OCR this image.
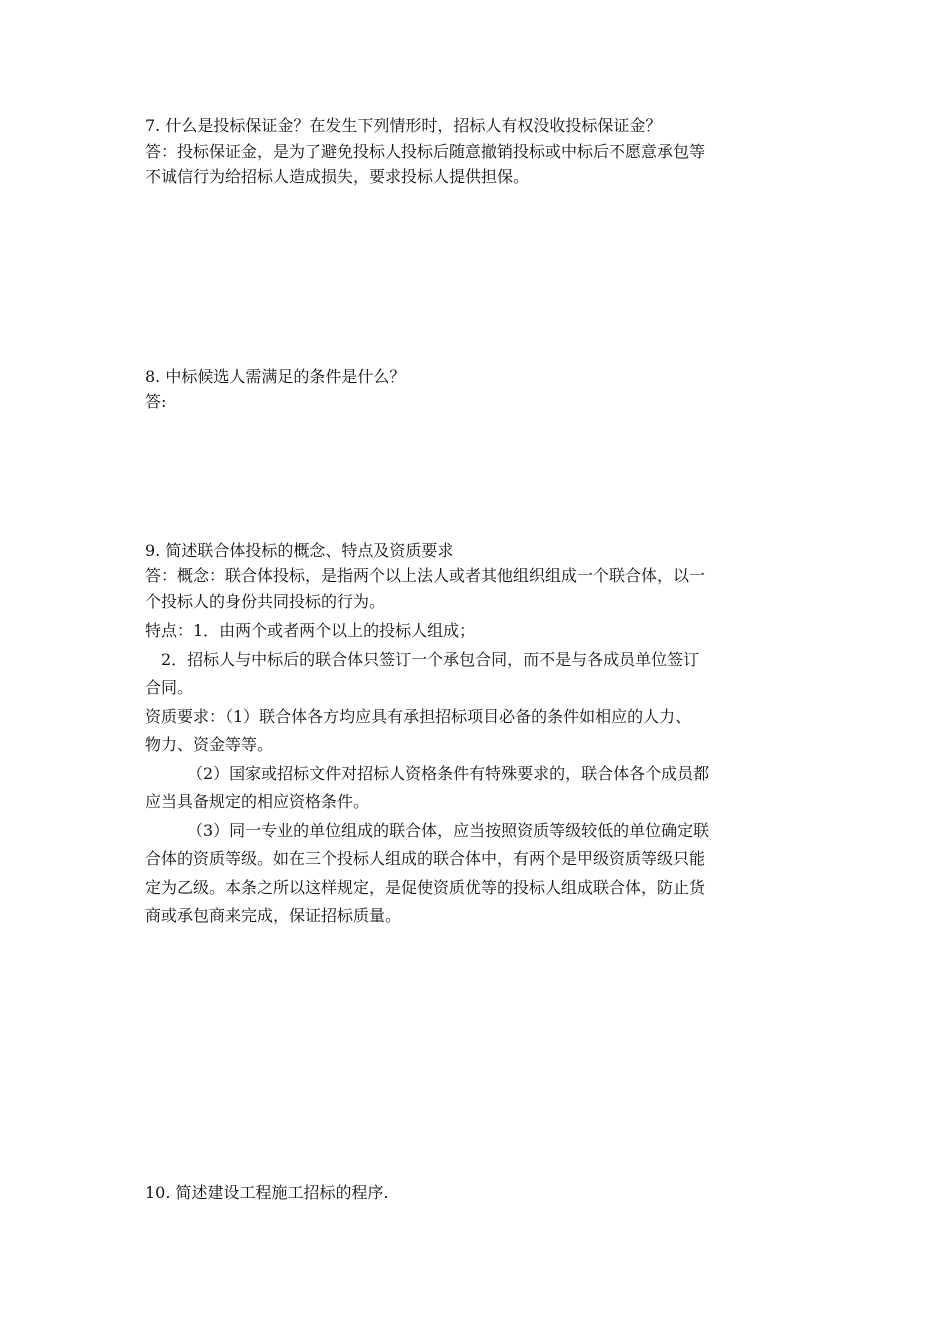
7. 什么是投标保证金？在发生下列情形时，招标人有权没收投标保证金？
答：投标保证金，是为了避免投标人投标后随意撤销投标或中标后不愿意承包等
不诚信行为给招标人造成损失，要求投标人提供担保。
8. 中标候选人需满足的条件是什么？
答:
9. 简述联合体投标的概念、特点及资质要求
答：概念：联合体投标，是指两个以上法人或者其他组织组成一个联合体，以一
个投标人的身份共同投标的行为。
特点：1．由两个或者两个以上的投标人组成；
2．招标人与中标后的联合体只签订一个承包合同，而不是与各成员单位签订
合同。
资质要求：（1）联合体各方均应具有承担招标项目必备的条件如相应的人力、
物力、资金等等。
（2）国家或招标文件对招标人资格条件有特殊要求的，联合体各个成员都
应当具备规定的相应资格条件。
（3）同一专业的单位组成的联合体，应当按照资质等级较低的单位确定联
合体的资质等级。如在三个投标人组成的联合体中，有两个是甲级资质等级只能
定为乙级。本条之所以这样规定，是促使资质优等的投标人组成联合体，防止货
商或承包商来完成，保证招标质量。
10. 简述建设工程施工招标的程序.
